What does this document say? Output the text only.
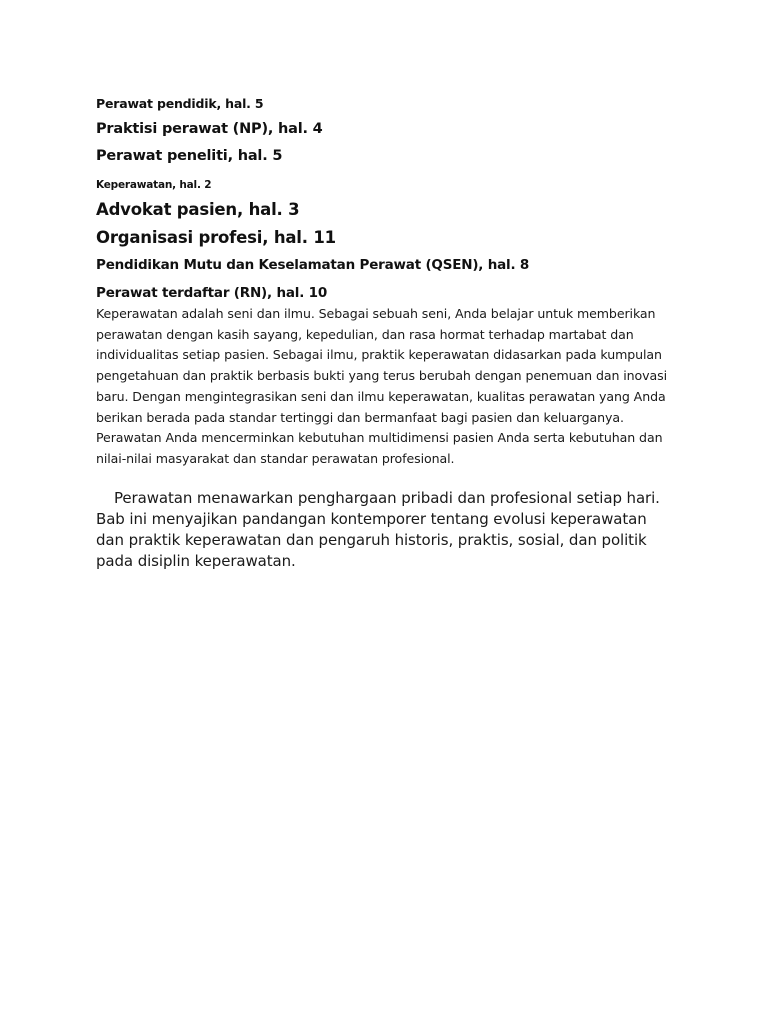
Perawat pendidik, hal. 5
Praktisi perawat (NP), hal. 4
Perawat peneliti, hal. 5
Keperawatan, hal. 2
Advokat pasien, hal. 3
Organisasi profesi, hal. 11
Pendidikan Mutu dan Keselamatan Perawat (QSEN), hal. 8
Perawat terdaftar (RN), hal. 10

Keperawatan adalah seni dan ilmu. Sebagai sebuah seni, Anda belajar untuk memberikan perawatan dengan kasih sayang, kepedulian, dan rasa hormat terhadap martabat dan individualitas setiap pasien. Sebagai ilmu, praktik keperawatan didasarkan pada kumpulan pengetahuan dan praktik berbasis bukti yang terus berubah dengan penemuan dan inovasi baru. Dengan mengintegrasikan seni dan ilmu keperawatan, kualitas perawatan yang Anda berikan berada pada standar tertinggi dan bermanfaat bagi pasien dan keluarganya. Perawatan Anda mencerminkan kebutuhan multidimensi pasien Anda serta kebutuhan dan nilai-nilai masyarakat dan standar perawatan profesional.

Perawatan menawarkan penghargaan pribadi dan profesional setiap hari. Bab ini menyajikan pandangan kontemporer tentang evolusi keperawatan dan praktik keperawatan dan pengaruh historis, praktis, sosial, dan politik pada disiplin keperawatan.
